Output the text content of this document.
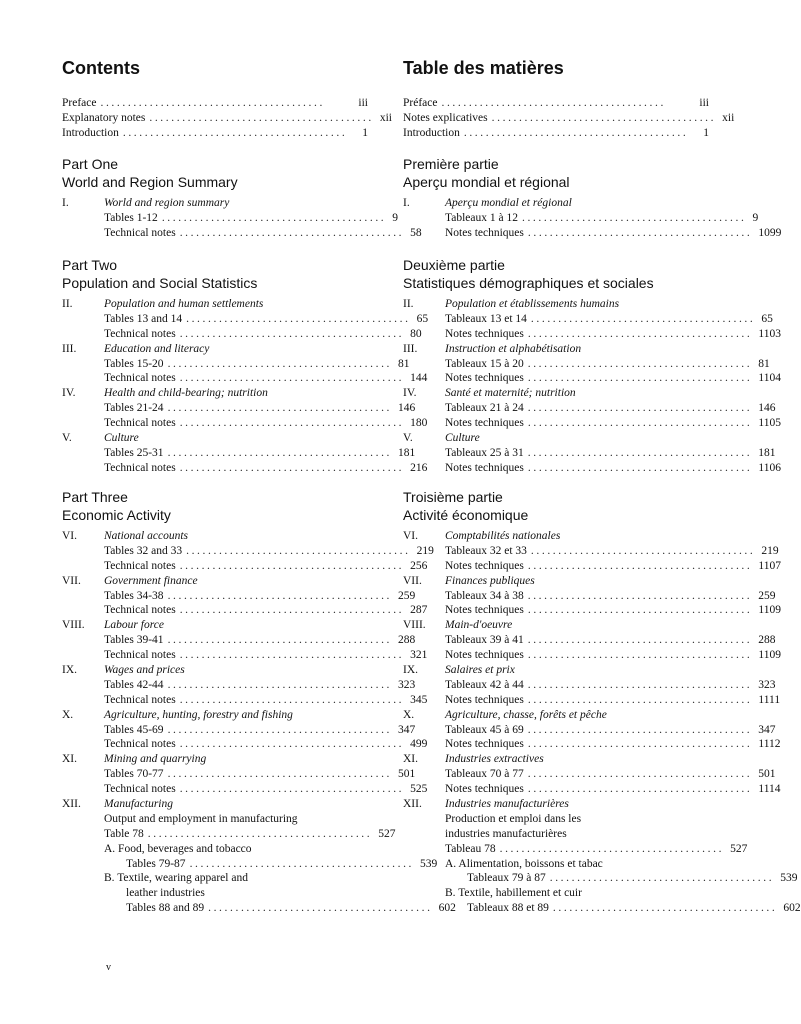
Contents
Preface .........................................	iii
Explanatory notes ......................................... xii
Introduction .........................................	1
Part One
World and Region Summary
I.	World and region summary
Tables 1-12 ......................................... 9
Technical notes ......................................... 58
Part Two
Population and Social Statistics
II.	Population and human settlements
Tables 13 and 14 ......................................... 65
Technical notes ......................................... 80
III.	Education and literacy
Tables 15-20 ......................................... 81
Technical notes ......................................... 144
IV.	Health and child-bearing; nutrition
Tables 21-24 ......................................... 146
Technical notes ......................................... 180
V.	Culture
Tables 25-31 ......................................... 181
Technical notes ......................................... 216
Part Three
Economic Activity
VI.	National accounts
Tables 32 and 33 ......................................... 219
Technical notes ......................................... 256
VII.	Government finance
Tables 34-38 ......................................... 259
Technical notes ......................................... 287
VIII.	Labour force
Tables 39-41 ......................................... 288
Technical notes ......................................... 321
IX.	Wages and prices
Tables 42-44 ......................................... 323
Technical notes ......................................... 345
X.	Agriculture, hunting, forestry and fishing
Tables 45-69 ......................................... 347
Technical notes ......................................... 499
XI.	Mining and quarrying
Tables 70-77 ......................................... 501
Technical notes ......................................... 525
XII.	Manufacturing
Output and employment in manufacturing
Table 78 ......................................... 527
A. Food, beverages and tobacco
Tables 79-87 ......................................... 539
B. Textile, wearing apparel and
leather industries
Tables 88 and 89 ......................................... 602
Table des matières
Préface .........................................	iii
Notes explicatives ......................................... xii
Introduction .........................................	1
Première partie
Aperçu mondial et régional
I.	Aperçu mondial et régional
Tableaux 1 à 12 ......................................... 9
Notes techniques ......................................... 1099
Deuxième partie
Statistiques démographiques et sociales
II.	Population et établissements humains
Tableaux 13 et 14 ......................................... 65
Notes techniques ......................................... 1103
III.	Instruction et alphabétisation
Tableaux 15 à 20 ......................................... 81
Notes techniques ......................................... 1104
IV.	Santé et maternité; nutrition
Tableaux 21 à 24 ......................................... 146
Notes techniques ......................................... 1105
V.	Culture
Tableaux 25 à 31 ......................................... 181
Notes techniques ......................................... 1106
Troisième partie
Activité économique
VI.	Comptabilités nationales
Tableaux 32 et 33 ......................................... 219
Notes techniques ......................................... 1107
VII.	Finances publiques
Tableaux 34 à 38 ......................................... 259
Notes techniques ......................................... 1109
VIII.	Main-d'oeuvre
Tableaux 39 à 41 ......................................... 288
Notes techniques ......................................... 1109
IX.	Salaires et prix
Tableaux 42 à 44 ......................................... 323
Notes techniques ......................................... 1111
X.	Agriculture, chasse, forêts et pêche
Tableaux 45 à 69 ......................................... 347
Notes techniques ......................................... 1112
XI.	Industries extractives
Tableaux 70 à 77 ......................................... 501
Notes techniques ......................................... 1114
XII.	Industries manufacturières
Production et emploi dans les
industries manufacturières
Tableau 78 ......................................... 527
A. Alimentation, boissons et tabac
Tableaux 79 à 87 ......................................... 539
B. Textile, habillement et cuir
Tableaux 88 et 89 ......................................... 602
v
